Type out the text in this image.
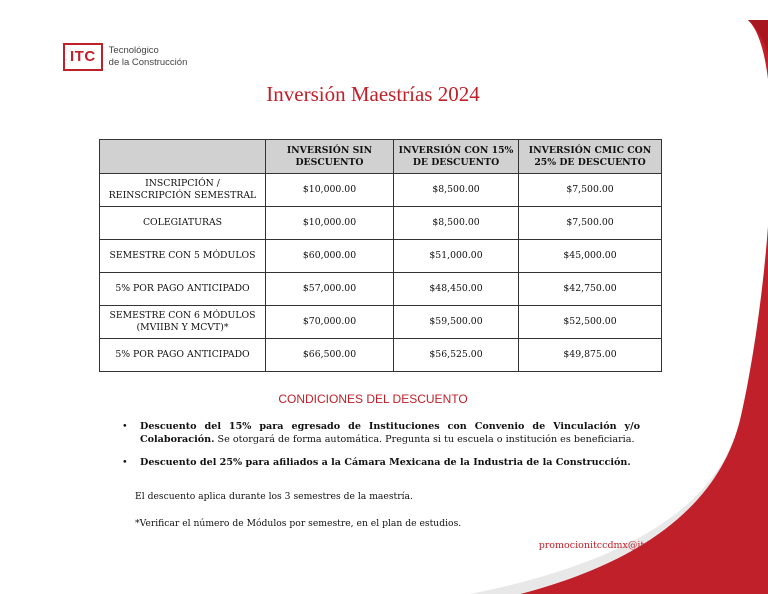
ITC	Tecnológico
de la Construcción
Inversión Maestrías 2024
	INVERSIÓN SIN DESCUENTO	INVERSIÓN CON 15% DE DESCUENTO	INVERSIÓN CMIC CON 25% DE DESCUENTO
INSCRIPCIÓN / REINSCRIPCIÓN SEMESTRAL	$10,000.00	$8,500.00	$7,500.00
COLEGIATURAS	$10,000.00	$8,500.00	$7,500.00
SEMESTRE CON 5 MÓDULOS	$60,000.00	$51,000.00	$45,000.00
5% POR PAGO ANTICIPADO	$57,000.00	$48,450.00	$42,750.00
SEMESTRE CON 6 MÓDULOS (MVIIBN Y MCVT)*	$70,000.00	$59,500.00	$52,500.00
5% POR PAGO ANTICIPADO	$66,500.00	$56,525.00	$49,875.00
CONDICIONES DEL DESCUENTO
• Descuento del 15% para egresado de Instituciones con Convenio de Vinculación y/o Colaboración. Se otorgará de forma automática. Pregunta si tu escuela o institución es beneficiaria.
• Descuento del 25% para afiliados a la Cámara Mexicana de la Industria de la Construcción.
El descuento aplica durante los 3 semestres de la maestría.
*Verificar el número de Módulos por semestre, en el plan de estudios.
promocionitccdmx@itc-ac.edu.mx
